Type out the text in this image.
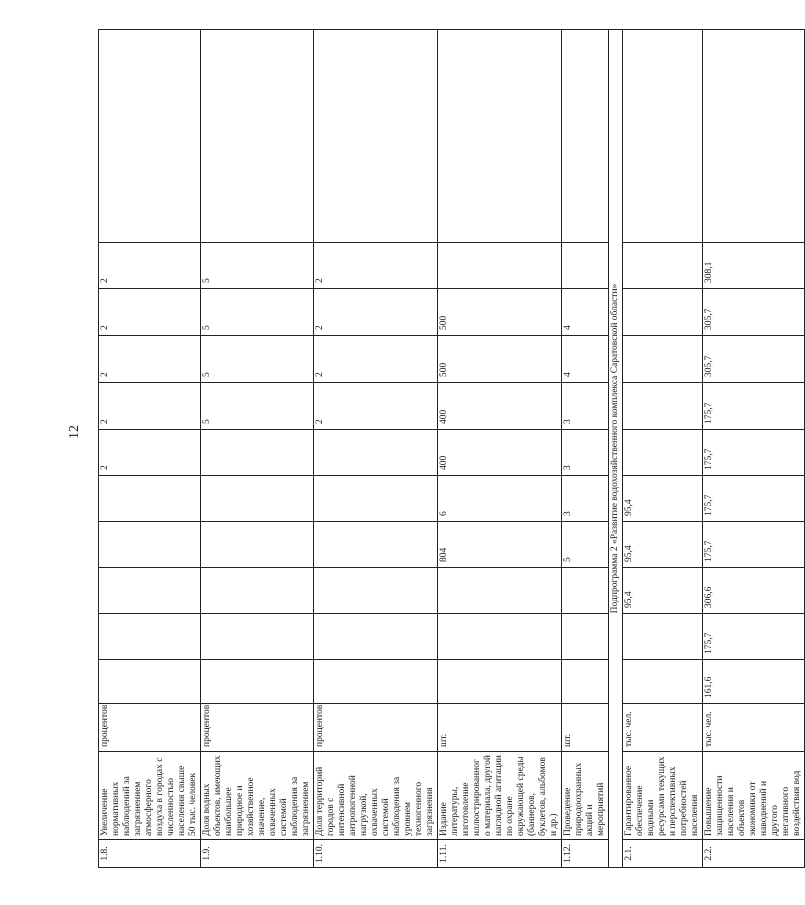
12
1.8.	Увеличение нормативных наблюдений за загрязнением атмосферного воздуха в городах с численностью населения свыше 50 тыс. человек	процентов						2	2	2	2	2	
1.9.	Доля водных объектов, имеющих наибольшее природное и хозяйственное значение, охваченных системой наблюдения за загрязнением	процентов							5	5	5	5	
1.10.	Доля территорий городов с интенсивной антропогенной нагрузкой, охваченных системой наблюдения за уровнем техногенного загрязнения	процентов							2	2	2	2	
1.11.	Издание литературы, изготовление иллюстрированного материала, другой наглядной агитации по охране окружающей среды (баннеров, буклетов, альбомов и др.)	шт.				804	6	400	400	500	500		
1.12.	Проведение природоохранных акций и мероприятий	шт.				5	3	3	3	4	4		
Подпрограмма 2 «Развитие водохозяйственного комплекса Саратовской области»													
2.1.	Гарантированное обеспечение водными ресурсами текущих и перспективных потребностей населения	тыс. чел.			95,4	95,4	95,4						
2.2.	Повышение защищенности населения и объектов экономики от наводнений и другого негативного воздействия вод	тыс. чел.	161,6	175,7	306,6	175,7	175,7	175,7	175,7	305,7	305,7	308,1	
